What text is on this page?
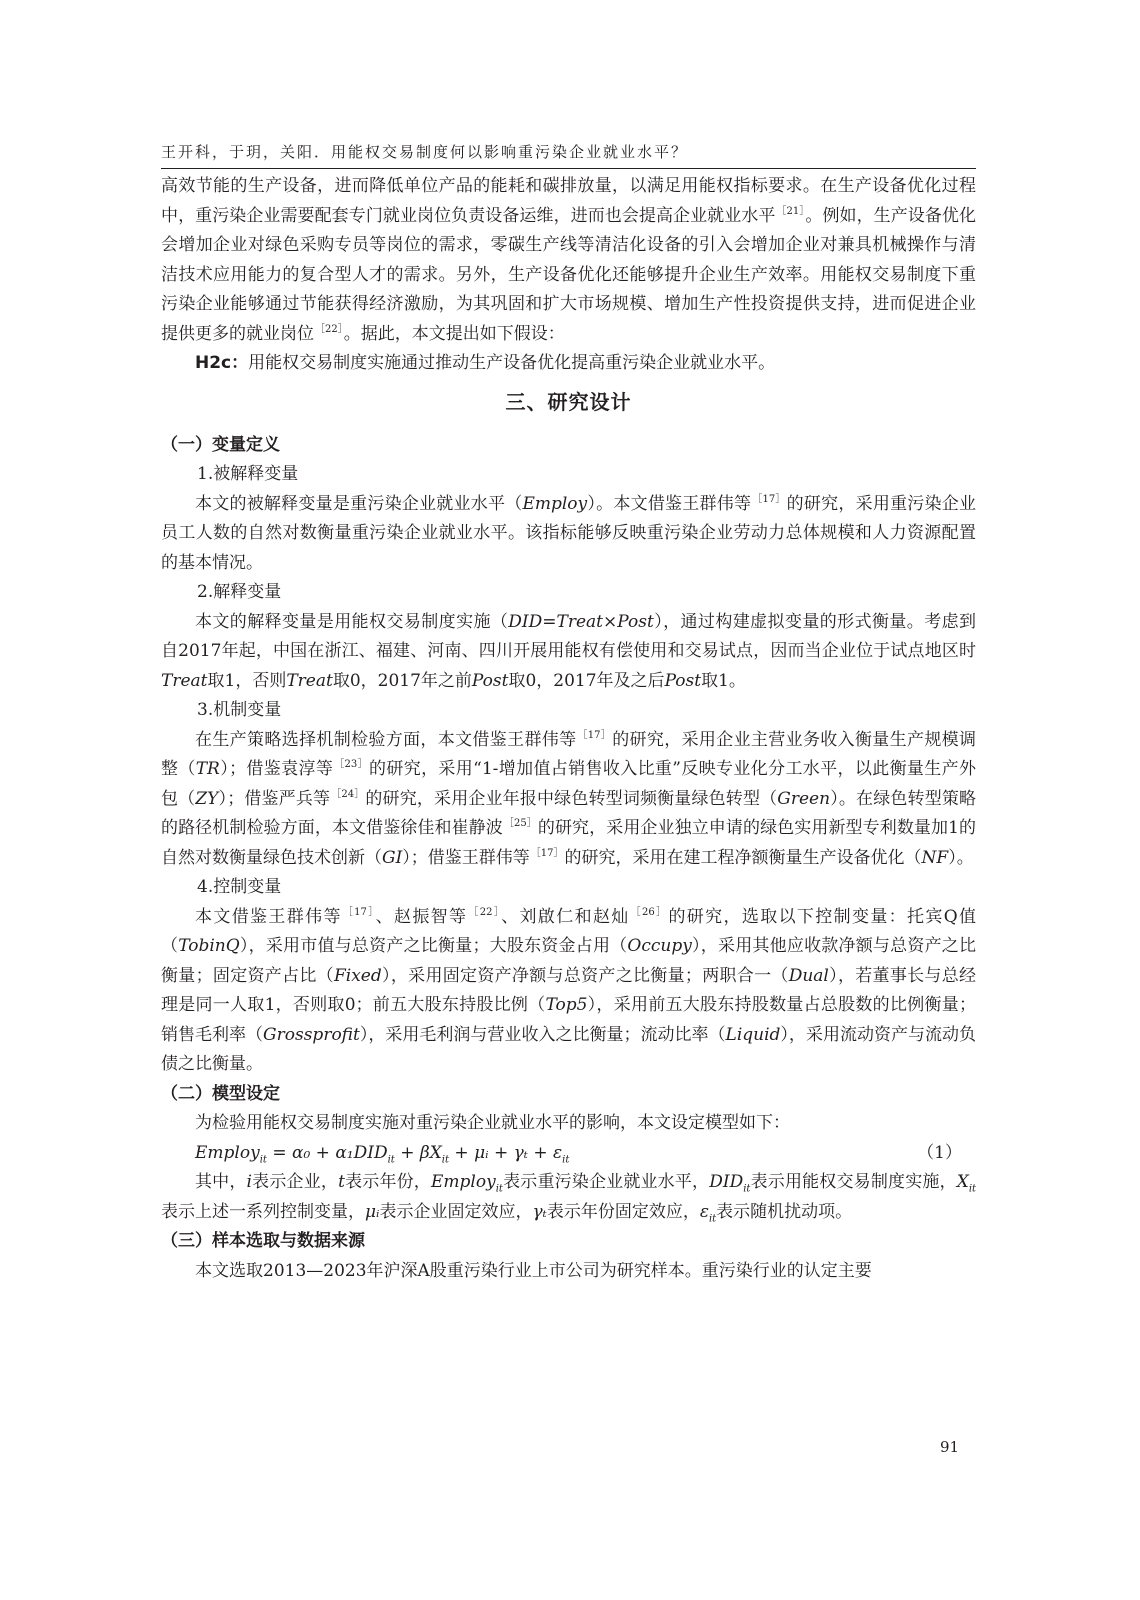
王开科，于玥，关阳．用能权交易制度何以影响重污染企业就业水平？

高效节能的生产设备，进而降低单位产品的能耗和碳排放量，以满足用能权指标要求。在生产设备优化过程中，重污染企业需要配套专门就业岗位负责设备运维，进而也会提高企业就业水平$^{[21]}$。例如，生产设备优化会增加企业对绿色采购专员等岗位的需求，零碳生产线等清洁化设备的引入会增加企业对兼具机械操作与清洁技术应用能力的复合型人才的需求。另外，生产设备优化还能够提升企业生产效率。用能权交易制度下重污染企业能够通过节能获得经济激励，为其巩固和扩大市场规模、增加生产性投资提供支持，进而促进企业提供更多的就业岗位$^{[22]}$。据此，本文提出如下假设：

H2c：用能权交易制度实施通过推动生产设备优化提高重污染企业就业水平。

三、研究设计

（一）变量定义

1.被解释变量

本文的被解释变量是重污染企业就业水平（Employ）。本文借鉴王群伟等$^{[17]}$的研究，采用重污染企业员工人数的自然对数衡量重污染企业就业水平。该指标能够反映重污染企业劳动力总体规模和人力资源配置的基本情况。

2.解释变量

本文的解释变量是用能权交易制度实施（DID=Treat×Post），通过构建虚拟变量的形式衡量。考虑到自2017年起，中国在浙江、福建、河南、四川开展用能权有偿使用和交易试点，因而当企业位于试点地区时Treat取1，否则Treat取0，2017年之前Post取0，2017年及之后Post取1。

3.机制变量

在生产策略选择机制检验方面，本文借鉴王群伟等$^{[17]}$的研究，采用企业主营业务收入衡量生产规模调整（TR）；借鉴袁淳等$^{[23]}$的研究，采用“1-增加值占销售收入比重”反映专业化分工水平，以此衡量生产外包（ZY）；借鉴严兵等$^{[24]}$的研究，采用企业年报中绿色转型词频衡量绿色转型（Green）。在绿色转型策略的路径机制检验方面，本文借鉴徐佳和崔静波$^{[25]}$的研究，采用企业独立申请的绿色实用新型专利数量加1的自然对数衡量绿色技术创新（GI）；借鉴王群伟等$^{[17]}$的研究，采用在建工程净额衡量生产设备优化（NF）。

4.控制变量

本文借鉴王群伟等$^{[17]}$、赵振智等$^{[22]}$、刘啟仁和赵灿$^{[26]}$的研究，选取以下控制变量：托宾Q值（TobinQ），采用市值与总资产之比衡量；大股东资金占用（Occupy），采用其他应收款净额与总资产之比衡量；固定资产占比（Fixed），采用固定资产净额与总资产之比衡量；两职合一（Dual），若董事长与总经理是同一人取1，否则取0；前五大股东持股比例（Top5），采用前五大股东持股数量占总股数的比例衡量；销售毛利率（Grossprofit），采用毛利润与营业收入之比衡量；流动比率（Liquid），采用流动资产与流动负债之比衡量。

（二）模型设定

为检验用能权交易制度实施对重污染企业就业水平的影响，本文设定模型如下：

Employ$_{it}$ = $\alpha_0 + \alpha_1DID_{it} + \beta X_{it}$ + μᵢ + $\gamma_t + \varepsilon_{it}$	（1）

其中，i表示企业，t表示年份，Employ$_{it}$表示重污染企业就业水平，$DID_{it}$表示用能权交易制度实施，$X_{it}$表示上述一系列控制变量，μᵢ表示企业固定效应，γₜ表示年份固定效应，$\varepsilon_{it}$表示随机扰动项。

（三）样本选取与数据来源

本文选取2013—2023年沪深A股重污染行业上市公司为研究样本。重污染行业的认定主要

91
